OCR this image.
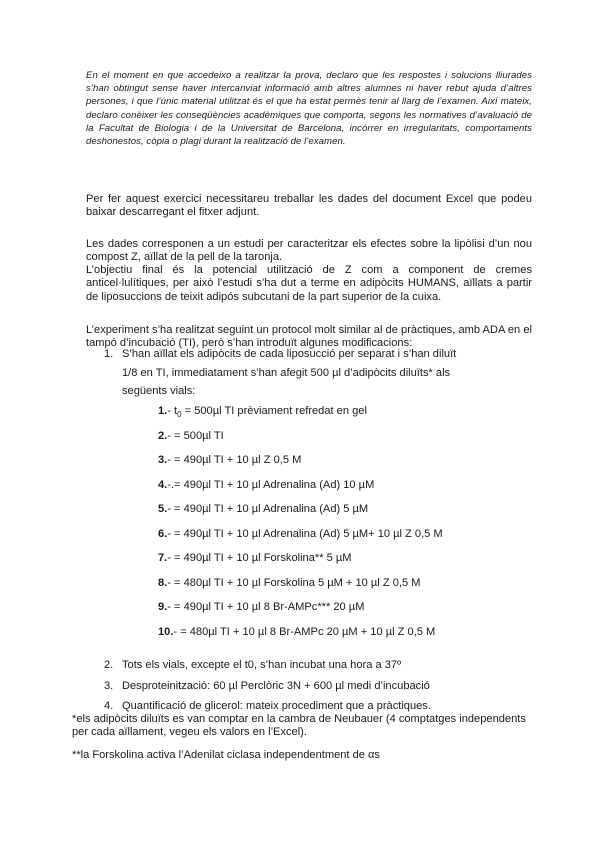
En el moment en que accedeixo a realitzar la prova, declaro que les respostes i solucions lliurades s’han obtingut sense haver intercanviat informació amb altres alumnes ni haver rebut ajuda d’altres persones, i que l’únic material utilitzat és el que ha estat permès tenir al llarg de l’examen. Així mateix, declaro conèixer les conseqüències acadèmiques que comporta, segons les normatives d’avaluació de la Facultat de Biologia i de la Universitat de Barcelona, incórrer en irregularitats, comportaments deshonestos, còpia o plagi durant la realització de l’examen.
Per fer aquest exercici necessitareu treballar les dades del document Excel que podeu baixar descarregant el fitxer adjunt.
Les dades corresponen a un estudi per caracteritzar els efectes sobre la lipòlisi d’un nou compost Z, aïllat de la pell de la taronja.
L’objectiu final és la potencial utilització de Z com a component de cremes anticel·lulítiques, per això l’estudi s’ha dut a terme en adipòcits HUMANS, aïllats a partir de liposuccions de teixit adipós subcutani de la part superior de la cuixa.
L’experiment s’ha realitzat seguint un protocol molt similar al de pràctiques, amb ADA en el tampó d’incubació (TI), però s’han introduït algunes modificacions:
1. S’han aïllat els adipòcits de cada liposucció per separat i s’han diluït
1/8 en TI, immediatament s’han afegit 500 µl d’adipòcits diluïts* als
següents vials:
1.- $t_0 = 500\mu l$ TI prèviament refredat en gel
2.- = 500µl TI
3.- = 490µl TI + 10 µl Z 0,5 M
4.-.= 490µl TI + 10 µl Adrenalina (Ad) 10 µM
5.- = 490µl TI + 10 µl Adrenalina (Ad) 5 µM
6.- = 490µl TI + 10 µl Adrenalina (Ad) 5 µM+ 10 µl Z 0,5 M
7.- = 490µl TI + 10 µl Forskolina** 5 µM
8.- = 480µl TI + 10 µl Forskolina 5 µM + 10 µl Z 0,5 M
9.- = 490µl TI + 10 µl 8 Br-AMPc*** 20 µM
10.- = 480µl TI + 10 µl 8 Br-AMPc 20 µM + 10 µl Z 0,5 M
2. Tots els vials, excepte el t0, s’han incubat una hora a 37º
3. Desproteinització: 60 µl Perclòric 3N + 600 µl medi d’incubació
4. Quantificació de glicerol: mateix procediment que a pràctiques.
*els adipòcits diluïts es van comptar en la cambra de Neubauer (4 comptatges independents per cada aïllament, vegeu els valors en l’Excel).
**la Forskolina activa l’Adenilat ciclasa independentment de αs
